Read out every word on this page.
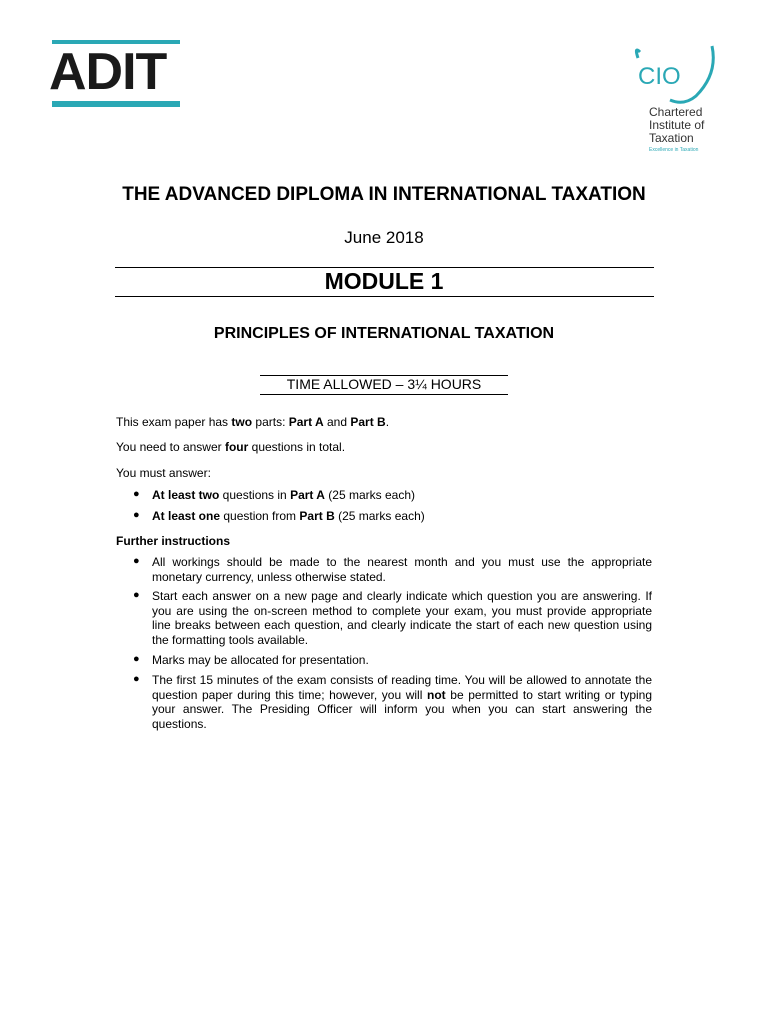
ADIT	CIO
Chartered
Institute of
Taxation
Excellence in Taxation
THE ADVANCED DIPLOMA IN INTERNATIONAL TAXATION
June 2018
MODULE 1
PRINCIPLES OF INTERNATIONAL TAXATION
TIME ALLOWED – 3¼ HOURS
This exam paper has two parts: Part A and Part B.
You need to answer four questions in total.
You must answer:
● At least two questions in Part A (25 marks each)
● At least one question from Part B (25 marks each)
Further instructions
● All workings should be made to the nearest month and you must use the appropriate monetary currency, unless otherwise stated.
● Start each answer on a new page and clearly indicate which question you are answering. If you are using the on-screen method to complete your exam, you must provide appropriate line breaks between each question, and clearly indicate the start of each new question using the formatting tools available.
● Marks may be allocated for presentation.
● The first 15 minutes of the exam consists of reading time. You will be allowed to annotate the question paper during this time; however, you will not be permitted to start writing or typing your answer. The Presiding Officer will inform you when you can start answering the questions.
